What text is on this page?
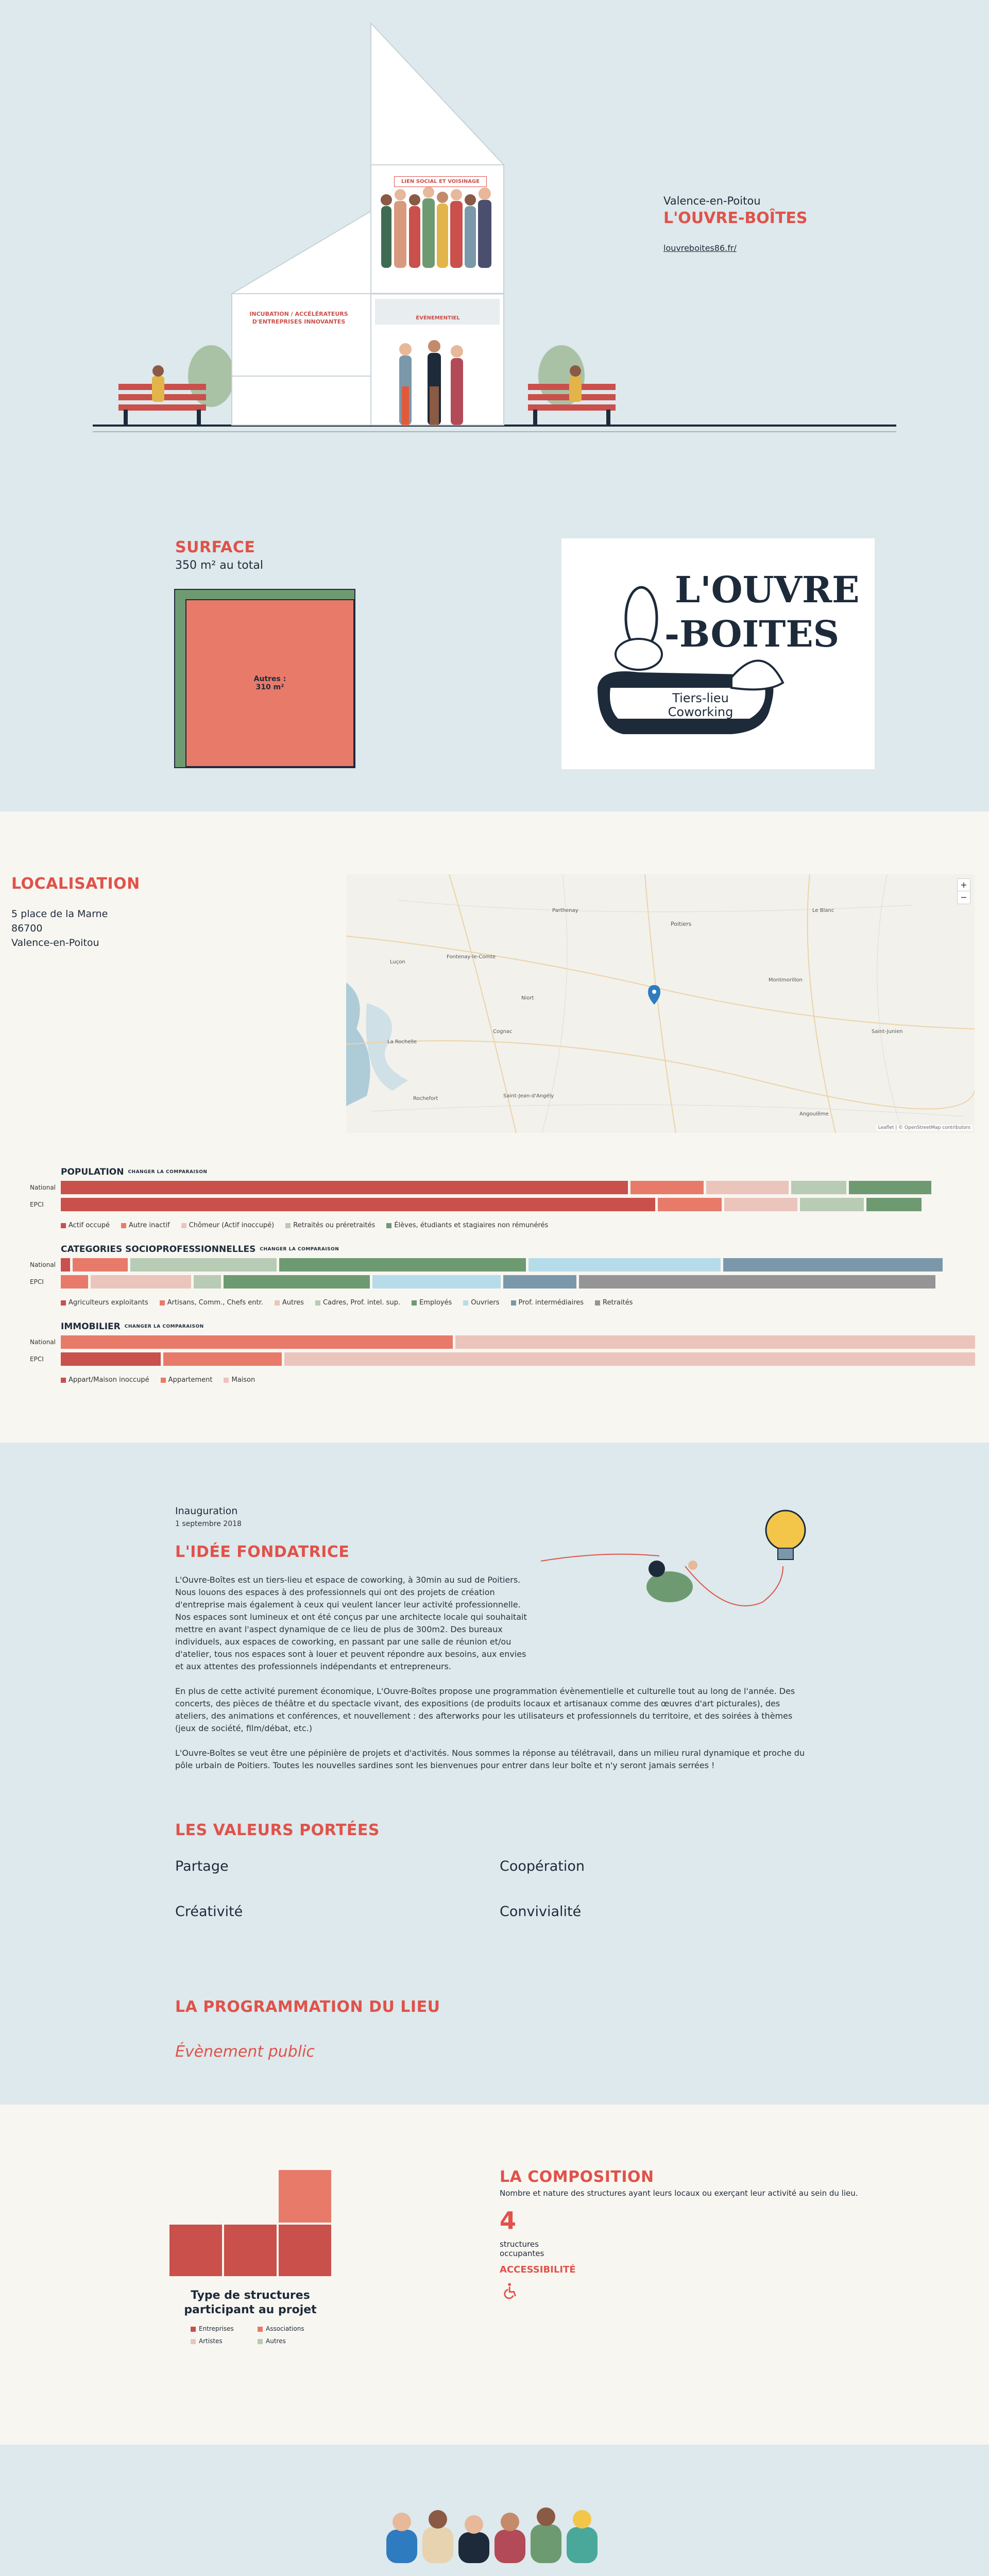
LIEN SOCIAL ET VOISINAGE
ÉVÉNEMENTIEL
INCUBATION / ACCÉLÉRATEURS
D'ENTREPRISES INNOVANTES
Valence-en-Poitou
L'OUVRE-BOÎTES
louvreboites86.fr/
SURFACE
350 m² au total
Autres :
310 m²
L'OUVRE
-BOITES
Tiers-lieu
Coworking
LOCALISATION
5 place de la Marne
86700
Valence-en-Poitou
Poitiers
Niort
Parthenay
La Rochelle
Rochefort	Saint-Jean-d'Angély
Cognac
Angoulême
Fontenay-le-Comte
Luçon
Le Blanc
Montmorillon
Saint-Junien
+
−
Leaflet | © OpenStreetMap contributors
POPULATION CHANGER LA COMPARAISON
National
EPCI
Actif occupé	Autre inactif	Chômeur (Actif inoccupé)	Retraités ou préretraités	Élèves, étudiants et stagiaires non rémunérés
CATEGORIES SOCIOPROFESSIONNELLES CHANGER LA COMPARAISON
National
EPCI
Agriculteurs exploitants	Artisans, Comm., Chefs entr.	Autres	Cadres, Prof. intel. sup.	Employés	Ouvriers	Prof. intermédiaires	Retraités
IMMOBILIER CHANGER LA COMPARAISON
National
EPCI
Appart/Maison inoccupé	Appartement	Maison
Inauguration
1 septembre 2018
L'IDÉE FONDATRICE

L'Ouvre-Boîtes est un tiers-lieu et espace de coworking, à 30min au sud de Poitiers. Nous louons des espaces à des professionnels qui ont des projets de création d'entreprise mais également à ceux qui veulent lancer leur activité professionnelle. Nos espaces sont lumineux et ont été conçus par une architecte locale qui souhaitait mettre en avant l'aspect dynamique de ce lieu de plus de 300m2. Des bureaux individuels, aux espaces de coworking, en passant par une salle de réunion et/ou d'atelier, tous nos espaces sont à louer et peuvent répondre aux besoins, aux envies et aux attentes des professionnels indépendants et entrepreneurs.

En plus de cette activité purement économique, L'Ouvre-Boîtes propose une programmation évènementielle et culturelle tout au long de l'année. Des concerts, des pièces de théâtre et du spectacle vivant, des expositions (de produits locaux et artisanaux comme des œuvres d'art picturales), des ateliers, des animations et conférences, et nouvellement : des afterworks pour les utilisateurs et professionnels du territoire, et des soirées à thèmes (jeux de société, film/débat, etc.)

L'Ouvre-Boîtes se veut être une pépinière de projets et d'activités. Nous sommes la réponse au télétravail, dans un milieu rural dynamique et proche du pôle urbain de Poitiers. Toutes les nouvelles sardines sont les bienvenues pour entrer dans leur boîte et n'y seront jamais serrées !

LES VALEURS PORTÉES
Partage	Coopération
Créativité	Convivialité
LA PROGRAMMATION DU LIEU
Évènement public
Type de structures
participant au projet
Entreprises	Associations
Artistes	Autres
LA COMPOSITION
Nombre et nature des structures ayant leurs locaux ou exerçant leur activité au sein du lieu.
4
structures
occupantes
ACCESSIBILITÉ
